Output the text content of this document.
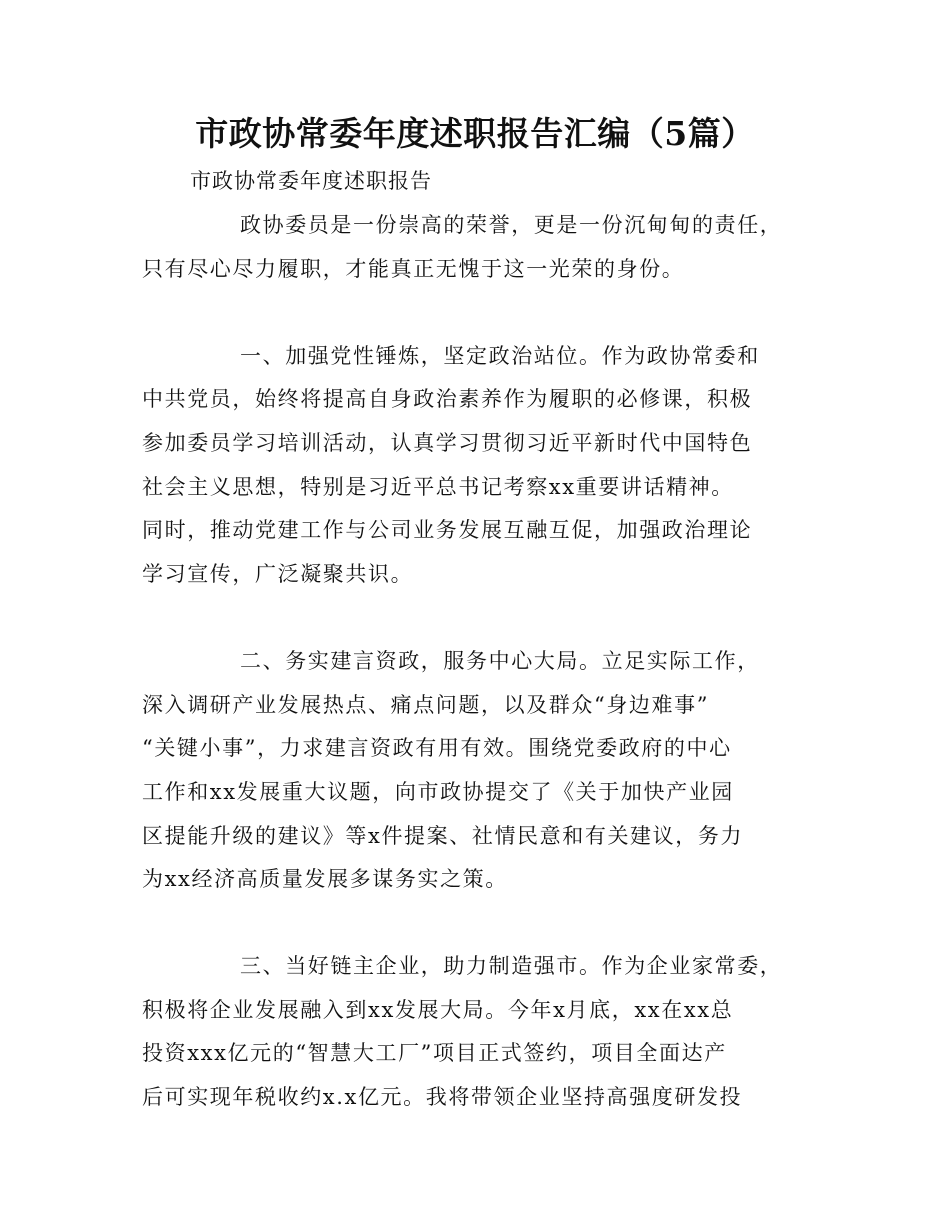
市政协常委年度述职报告汇编（5篇）
市政协常委年度述职报告
政协委员是一份崇高的荣誉，更是一份沉甸甸的责任，
只有尽心尽力履职，才能真正无愧于这一光荣的身份。
一、加强党性锤炼，坚定政治站位。作为政协常委和
中共党员，始终将提高自身政治素养作为履职的必修课，积极
参加委员学习培训活动，认真学习贯彻习近平新时代中国特色
社会主义思想，特别是习近平总书记考察xx重要讲话精神。
同时，推动党建工作与公司业务发展互融互促，加强政治理论
学习宣传，广泛凝聚共识。
二、务实建言资政，服务中心大局。立足实际工作，
深入调研产业发展热点、痛点问题，以及群众“身边难事”
“关键小事”，力求建言资政有用有效。围绕党委政府的中心
工作和xx发展重大议题，向市政协提交了《关于加快产业园
区提能升级的建议》等x件提案、社情民意和有关建议，务力
为xx经济高质量发展多谋务实之策。
三、当好链主企业，助力制造强市。作为企业家常委，
积极将企业发展融入到xx发展大局。今年x月底，xx在xx总
投资xxx亿元的“智慧大工厂”项目正式签约，项目全面达产
后可实现年税收约x.x亿元。我将带领企业坚持高强度研发投
